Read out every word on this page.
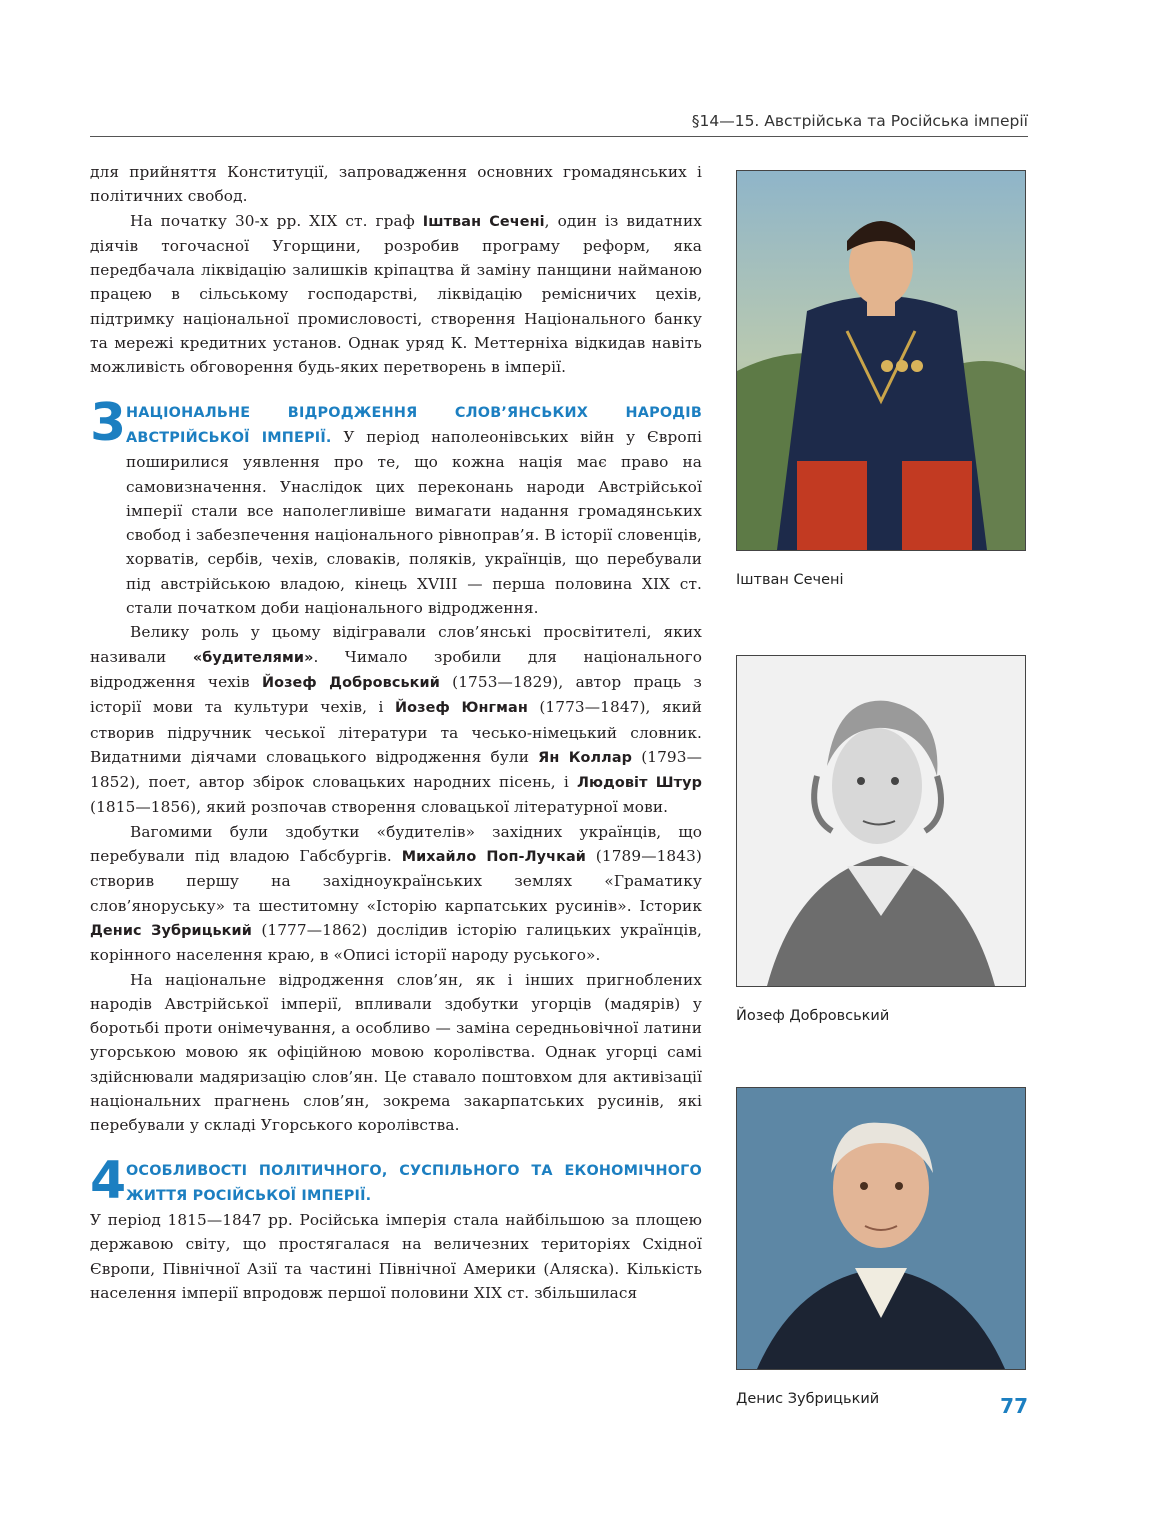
§14—15. Австрійська та Російська імперії

для прийняття Конституції, запровадження основних громадянських і політичних свобод.

На початку 30-х рр. XIX ст. граф Іштван Сечені, один із видатних діячів тогочасної Угорщини, розробив програму реформ, яка передбачала ліквідацію залишків кріпацтва й заміну панщини найманою працею в сільському господарстві, ліквідацію ремісничих цехів, підтримку національної промисловості, створення Національного банку та мережі кредитних установ. Однак уряд К. Меттерніха відкидав навіть можливість обговорення будь-яких перетворень в імперії.

3 НАЦІОНАЛЬНЕ ВІДРОДЖЕННЯ СЛОВ’ЯНСЬКИХ НАРОДІВ АВСТРІЙСЬКОЇ ІМПЕРІЇ. У період наполеонівських війн у Європі поширилися уявлення про те, що кожна нація має право на самовизначення. Унаслідок цих переконань народи Австрійської імперії стали все наполегливіше вимагати надання громадянських свобод і забезпечення національного рівноправ’я. В історії словенців, хорватів, сербів, чехів, словаків, поляків, українців, що перебували під австрійською владою, кінець XVIII — перша половина XIX ст. стали початком доби національного відродження.

Велику роль у цьому відігравали слов’янські просвітителі, яких називали «будителями». Чимало зробили для національного відродження чехів Йозеф Добровський (1753—1829), автор праць з історії мови та культури чехів, і Йозеф Юнгман (1773—1847), який створив підручник чеської літератури та чесько-німецький словник. Видатними діячами словацького відродження були Ян Коллар (1793—1852), поет, автор збірок словацьких народних пісень, і Людовіт Штур (1815—1856), який розпочав створення словацької літературної мови.

Вагомими були здобутки «будителів» західних українців, що перебували під владою Габсбургів. Михайло Поп-Лучкай (1789—1843) створив першу на західноукраїнських землях «Граматику слов’яноруську» та шеститомну «Історію карпатських русинів». Історик Денис Зубрицький (1777—1862) дослідив історію галицьких українців, корінного населення краю, в «Описі історії народу руського».

На національне відродження слов’ян, як і інших пригноблених народів Австрійської імперії, впливали здобутки угорців (мадярів) у боротьбі проти онімечування, а особливо — заміна середньовічної латини угорською мовою як офіційною мовою королівства. Однак угорці самі здійснювали мадяризацію слов’ян. Це ставало поштовхом для активізації національних прагнень слов’ян, зокрема закарпатських русинів, які перебували у складі Угорського королівства.

4 ОСОБЛИВОСТІ ПОЛІТИЧНОГО, СУСПІЛЬНОГО ТА ЕКОНОМІЧНОГО ЖИТТЯ РОСІЙСЬКОЇ ІМПЕРІЇ.

У період 1815—1847 рр. Російська імперія стала найбільшою за площею державою світу, що простягалася на величезних територіях Східної Європи, Північної Азії та частині Північної Америки (Аляска). Кількість населення імперії впродовж першої половини XIX ст. збільшилася

Іштван Сечені
Йозеф Добровський
Денис Зубрицький	77
